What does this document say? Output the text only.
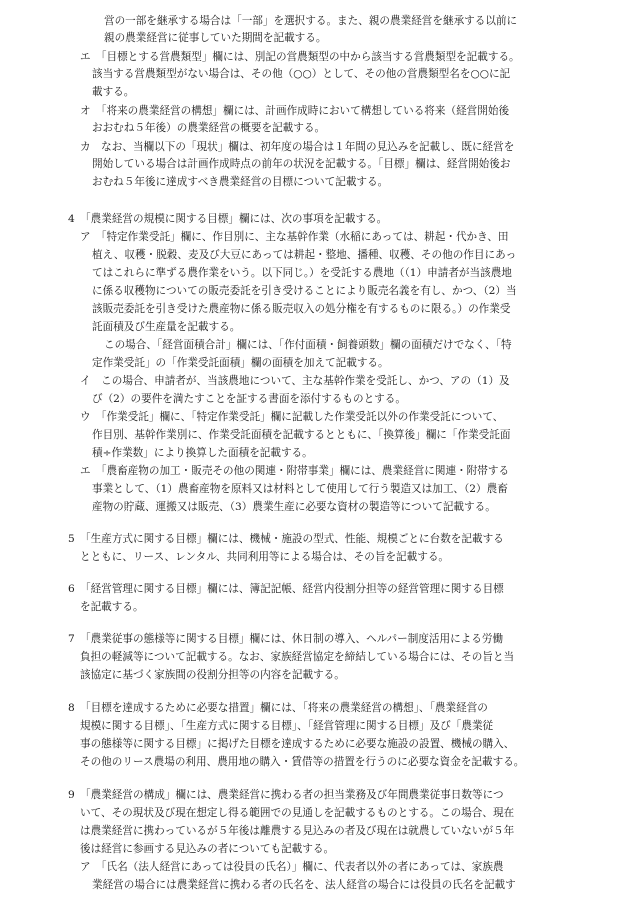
営の一部を継承する場合は「一部」を選択する。また、親の農業経営を継承する以前に
親の農業経営に従事していた期間を記載する。
エ　「目標とする営農類型」欄には、別記の営農類型の中から該当する営農類型を記載する。
該当する営農類型がない場合は、その他（○○）として、その他の営農類型名を○○に記
載する。
オ　「将来の農業経営の構想」欄には、計画作成時において構想している将来（経営開始後
おおむね５年後）の農業経営の概要を記載する。
カ　なお、当欄以下の「現状」欄は、初年度の場合は１年間の見込みを記載し、既に経営を
開始している場合は計画作成時点の前年の状況を記載する。「目標」欄は、経営開始後お
おむね５年後に達成すべき農業経営の目標について記載する。
4　「農業経営の規模に関する目標」欄には、次の事項を記載する。
ア　「特定作業受託」欄に、作目別に、主な基幹作業（水稲にあっては、耕起・代かき、田
植え、収穫・脱穀、麦及び大豆にあっては耕起・整地、播種、収穫、その他の作目にあっ
てはこれらに準ずる農作業をいう。以下同じ。）を受託する農地（（1）申請者が当該農地
に係る収穫物についての販売委託を引き受けることにより販売名義を有し、かつ、（2）当
該販売委託を引き受けた農産物に係る販売収入の処分権を有するものに限る。）の作業受
託面積及び生産量を記載する。
この場合、「経営面積合計」欄には、「作付面積・飼養頭数」欄の面積だけでなく、「特
定作業受託」の「作業受託面積」欄の面積を加えて記載する。
イ　この場合、申請者が、当該農地について、主な基幹作業を受託し、かつ、アの（1）及
び（2）の要件を満たすことを証する書面を添付するものとする。
ウ　「作業受託」欄に、「特定作業受託」欄に記載した作業受託以外の作業受託について、
作目別、基幹作業別に、作業受託面積を記載するとともに、「換算後」欄に「作業受託面
積÷作業数」により換算した面積を記載する。
エ　「農畜産物の加工・販売その他の関連・附帯事業」欄には、農業経営に関連・附帯する
事業として、（1）農畜産物を原料又は材料として使用して行う製造又は加工、（2）農畜
産物の貯蔵、運搬又は販売、（3）農業生産に必要な資材の製造等について記載する。
5　「生産方式に関する目標」欄には、機械・施設の型式、性能、規模ごとに台数を記載する
とともに、リース、レンタル、共同利用等による場合は、その旨を記載する。
6　「経営管理に関する目標」欄には、簿記記帳、経営内役割分担等の経営管理に関する目標
を記載する。
7　「農業従事の態様等に関する目標」欄には、休日制の導入、ヘルパー制度活用による労働
負担の軽減等について記載する。なお、家族経営協定を締結している場合には、その旨と当
該協定に基づく家族間の役割分担等の内容を記載する。
8　「目標を達成するために必要な措置」欄には、「将来の農業経営の構想」、「農業経営の
規模に関する目標」、「生産方式に関する目標」、「経営管理に関する目標」及び「農業従
事の態様等に関する目標」に掲げた目標を達成するために必要な施設の設置、機械の購入、
その他のリース農場の利用、農用地の購入・賃借等の措置を行うのに必要な資金を記載する。
9　「農業経営の構成」欄には、農業経営に携わる者の担当業務及び年間農業従事日数等につ
いて、その現状及び現在想定し得る範囲での見通しを記載するものとする。この場合、現在
は農業経営に携わっているが５年後は離農する見込みの者及び現在は就農していないが５年
後は経営に参画する見込みの者についても記載する。
ア　「氏名（法人経営にあっては役員の氏名）」欄に、代表者以外の者にあっては、家族農
業経営の場合には農業経営に携わる者の氏名を、法人経営の場合には役員の氏名を記載す
